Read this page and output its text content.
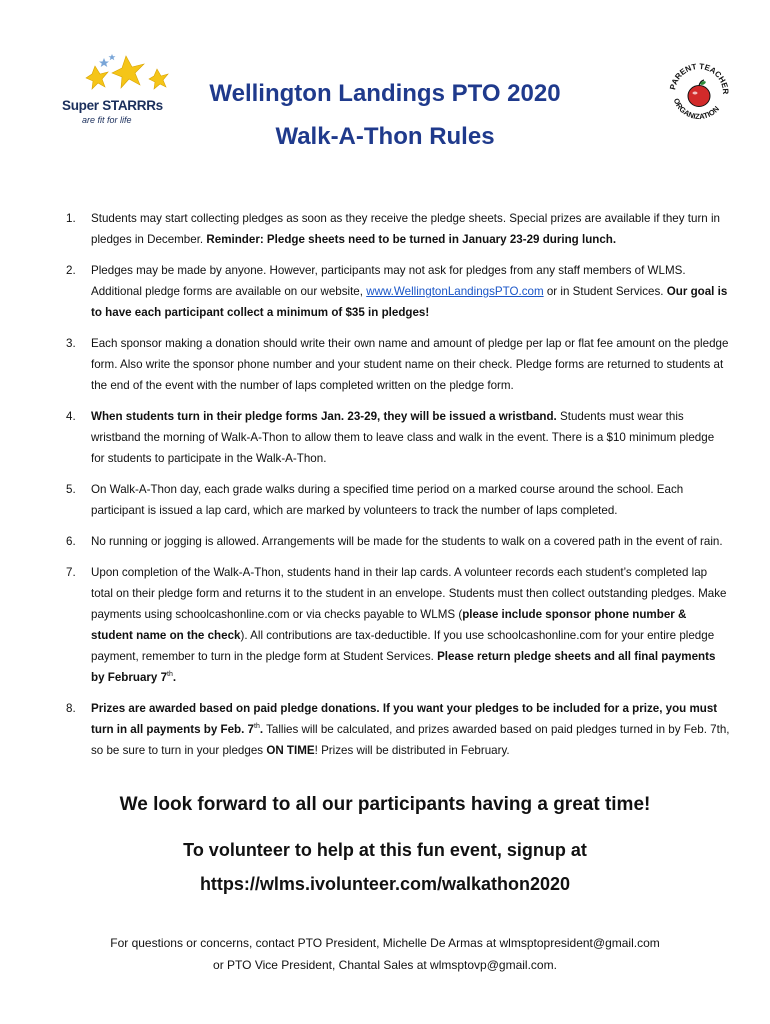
Super STARRRs
are fit for life
PARENT TEACHER
ORGANIZATION
Wellington Landings PTO 2020
Walk-A-Thon Rules
1. Students may start collecting pledges as soon as they receive the pledge sheets. Special prizes are available if they turn in pledges in December. Reminder: Pledge sheets need to be turned in January 23-29 during lunch.
2. Pledges may be made by anyone. However, participants may not ask for pledges from any staff members of WLMS. Additional pledge forms are available on our website, www.WellingtonLandingsPTO.com or in Student Services. Our goal is to have each participant collect a minimum of $35 in pledges!
3. Each sponsor making a donation should write their own name and amount of pledge per lap or flat fee amount on the pledge form. Also write the sponsor phone number and your student name on their check. Pledge forms are returned to students at the end of the event with the number of laps completed written on the pledge form.
4. When students turn in their pledge forms Jan. 23-29, they will be issued a wristband. Students must wear this wristband the morning of Walk-A-Thon to allow them to leave class and walk in the event. There is a $10 minimum pledge for students to participate in the Walk-A-Thon.
5. On Walk-A-Thon day, each grade walks during a specified time period on a marked course around the school. Each participant is issued a lap card, which are marked by volunteers to track the number of laps completed.
6. No running or jogging is allowed. Arrangements will be made for the students to walk on a covered path in the event of rain.
7. Upon completion of the Walk-A-Thon, students hand in their lap cards. A volunteer records each student’s completed lap total on their pledge form and returns it to the student in an envelope. Students must then collect outstanding pledges. Make payments using schoolcashonline.com or via checks payable to WLMS (please include sponsor phone number & student name on the check). All contributions are tax-deductible. If you use schoolcashonline.com for your entire pledge payment, remember to turn in the pledge form at Student Services. Please return pledge sheets and all final payments by February 7th.
8. Prizes are awarded based on paid pledge donations. If you want your pledges to be included for a prize, you must turn in all payments by Feb. 7th. Tallies will be calculated, and prizes awarded based on paid pledges turned in by Feb. 7th, so be sure to turn in your pledges ON TIME! Prizes will be distributed in February.
We look forward to all our participants having a great time!
To volunteer to help at this fun event, signup at
https://wlms.ivolunteer.com/walkathon2020
For questions or concerns, contact PTO President, Michelle De Armas at wlmsptopresident@gmail.com
or PTO Vice President, Chantal Sales at wlmsptovp@gmail.com.
